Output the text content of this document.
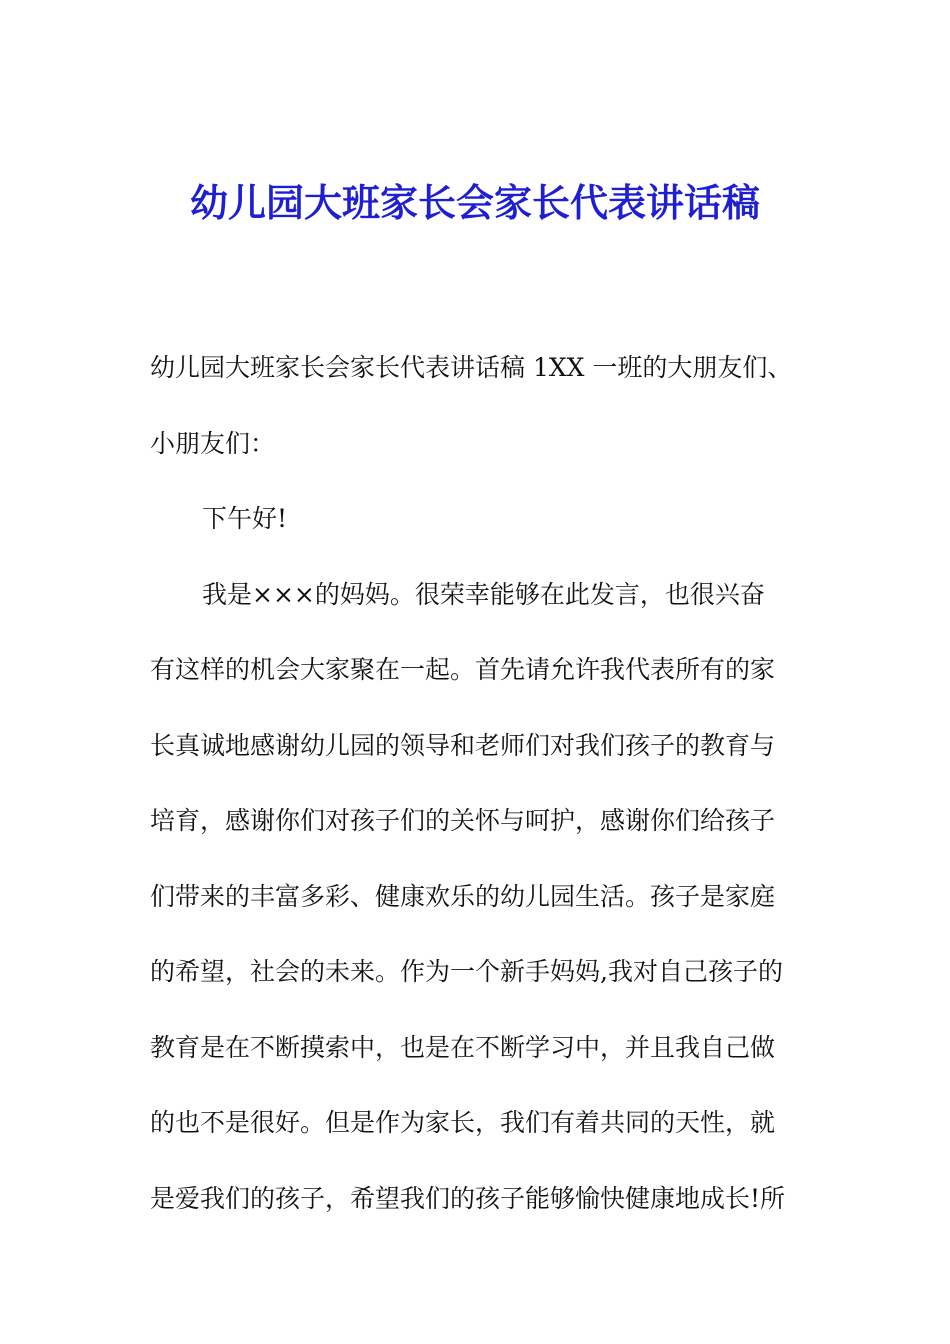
幼儿园大班家长会家长代表讲话稿

幼儿园大班家长会家长代表讲话稿 1XX 一班的大朋友们、

小朋友们：

下午好!

我是×××的妈妈。很荣幸能够在此发言，也很兴奋

有这样的机会大家聚在一起。首先请允许我代表所有的家

长真诚地感谢幼儿园的领导和老师们对我们孩子的教育与

培育，感谢你们对孩子们的关怀与呵护，感谢你们给孩子

们带来的丰富多彩、健康欢乐的幼儿园生活。孩子是家庭

的希望，社会的未来。作为一个新手妈妈,我对自己孩子的

教育是在不断摸索中，也是在不断学习中，并且我自己做

的也不是很好。但是作为家长，我们有着共同的天性，就

是爱我们的孩子，希望我们的孩子能够愉快健康地成长!所
